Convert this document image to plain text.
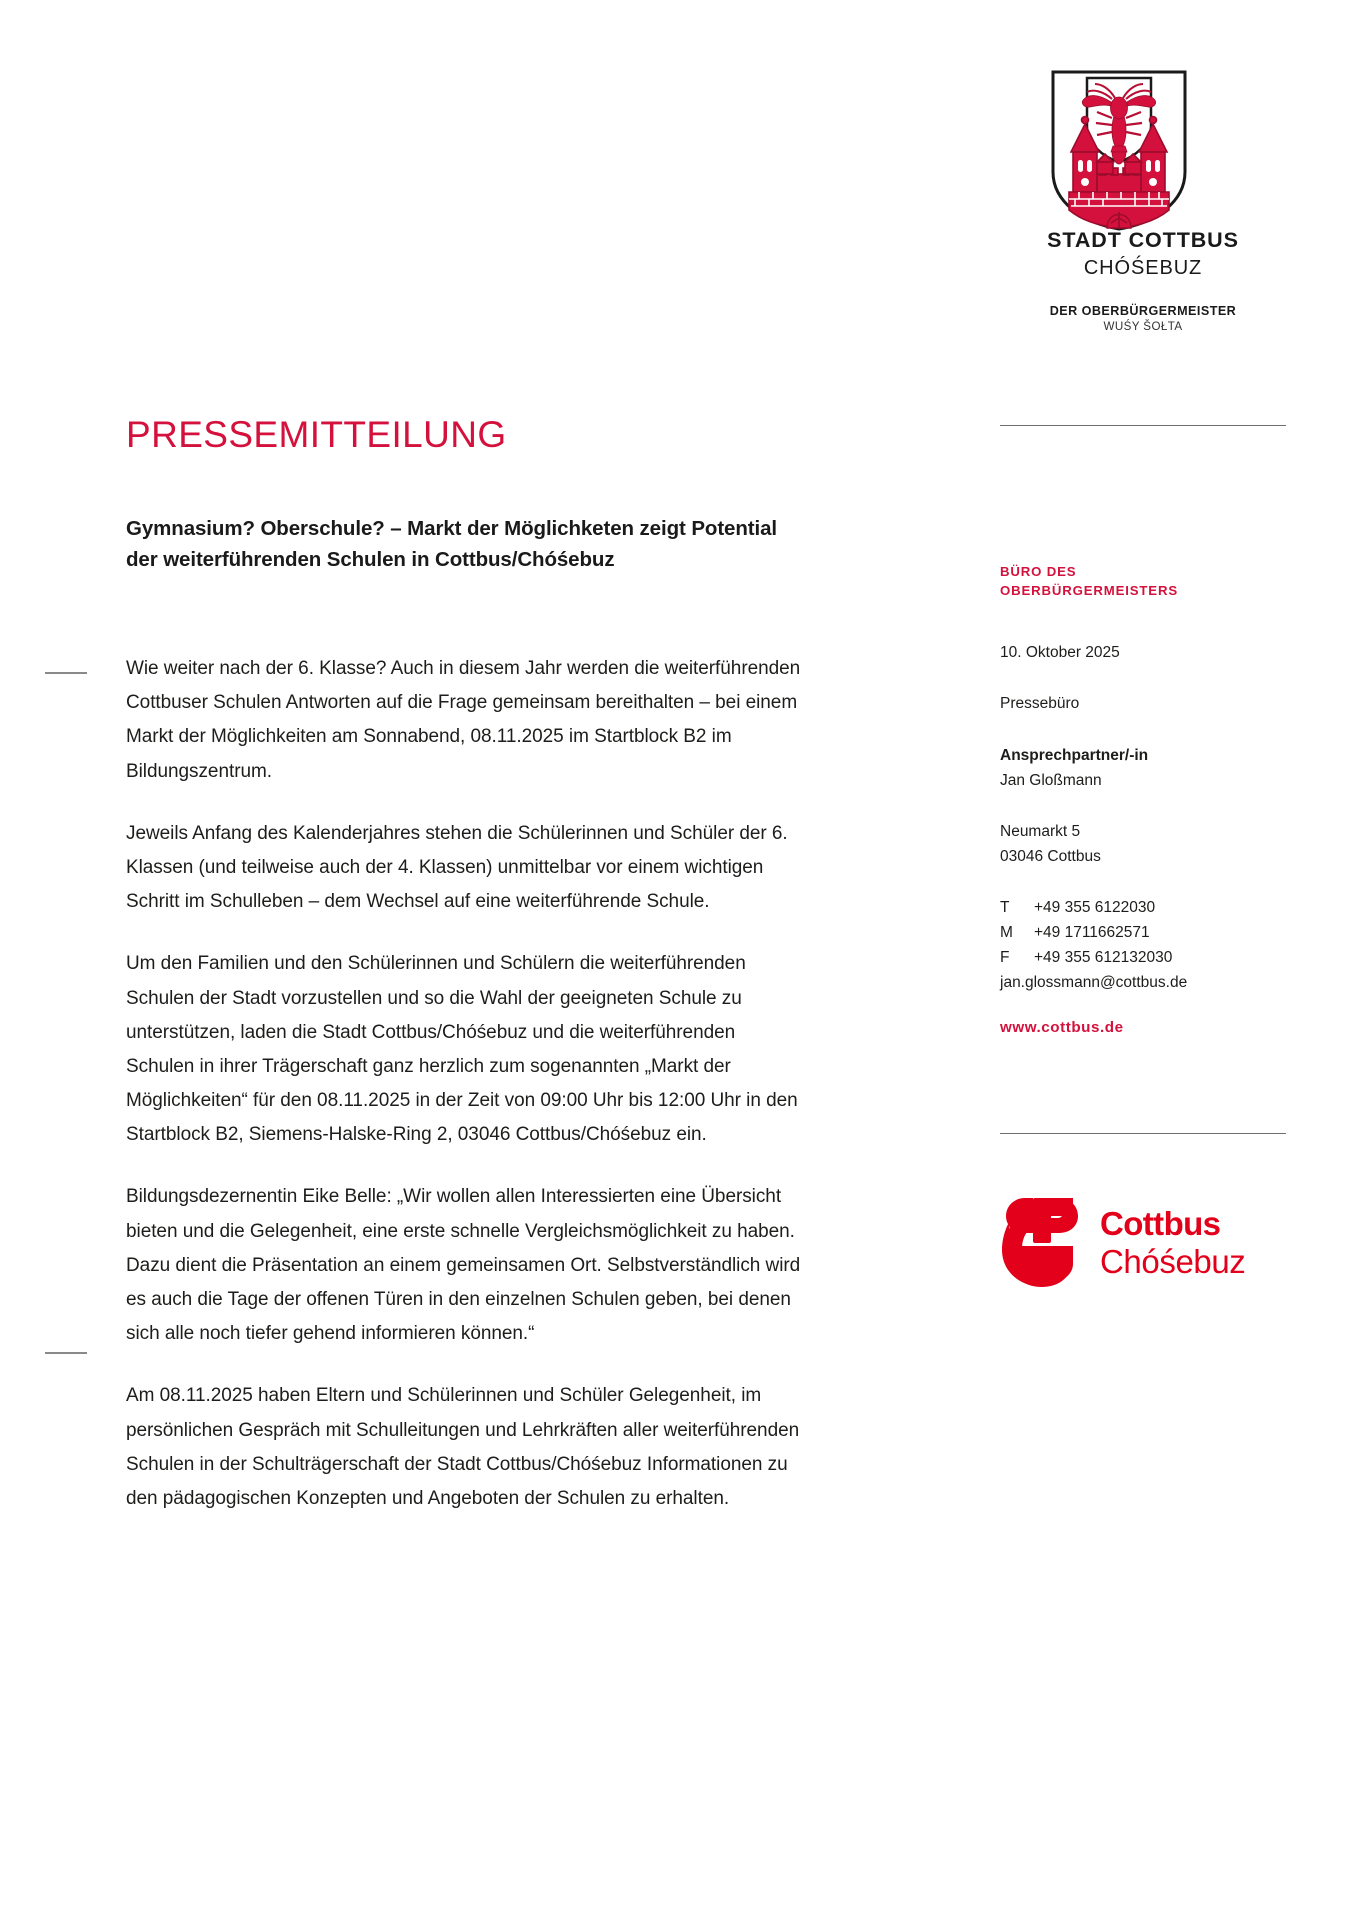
STADT COTTBUS
CHÓŚEBUZ
DER OBERBÜRGERMEISTER
WUŚY ŠOŁTA
PRESSEMITTEILUNG
Gymnasium? Oberschule? – Markt der Möglichketen zeigt Potential der weiterführenden Schulen in Cottbus/Chóśebuz

Wie weiter nach der 6. Klasse? Auch in diesem Jahr werden die weiterführenden Cottbuser Schulen Antworten auf die Frage gemeinsam bereithalten – bei einem Markt der Möglichkeiten am Sonnabend, 08.11.2025 im Startblock B2 im Bildungszentrum.

Jeweils Anfang des Kalenderjahres stehen die Schülerinnen und Schüler der 6. Klassen (und teilweise auch der 4. Klassen) unmittelbar vor einem wichtigen Schritt im Schulleben – dem Wechsel auf eine weiterführende Schule.

Um den Familien und den Schülerinnen und Schülern die weiterführenden Schulen der Stadt vorzustellen und so die Wahl der geeigneten Schule zu unterstützen, laden die Stadt Cottbus/Chóśebuz und die weiterführenden Schulen in ihrer Trägerschaft ganz herzlich zum sogenannten „Markt der Möglichkeiten“ für den 08.11.2025 in der Zeit von 09:00 Uhr bis 12:00 Uhr in den Startblock B2, Siemens-Halske-Ring 2, 03046 Cottbus/Chóśebuz ein.

Bildungsdezernentin Eike Belle: „Wir wollen allen Interessierten eine Übersicht bieten und die Gelegenheit, eine erste schnelle Vergleichsmöglichkeit zu haben. Dazu dient die Präsentation an einem gemeinsamen Ort. Selbstverständlich wird es auch die Tage der offenen Türen in den einzelnen Schulen geben, bei denen sich alle noch tiefer gehend informieren können.“

Am 08.11.2025 haben Eltern und Schülerinnen und Schüler Gelegenheit, im persönlichen Gespräch mit Schulleitungen und Lehrkräften aller weiterführenden Schulen in der Schulträgerschaft der Stadt Cottbus/Chóśebuz Informationen zu den pädagogischen Konzepten und Angeboten der Schulen zu erhalten.

BÜRO DES
OBERBÜRGERMEISTERS
10. Oktober 2025
Pressebüro
Ansprechpartner/-in
Jan Gloßmann
Neumarkt 5
03046 Cottbus
T	+49 355 6122030
M	+49 1711662571
F	+49 355 612132030
jan.glossmann@cottbus.de
www.cottbus.de
Cottbus
Chóśebuz
